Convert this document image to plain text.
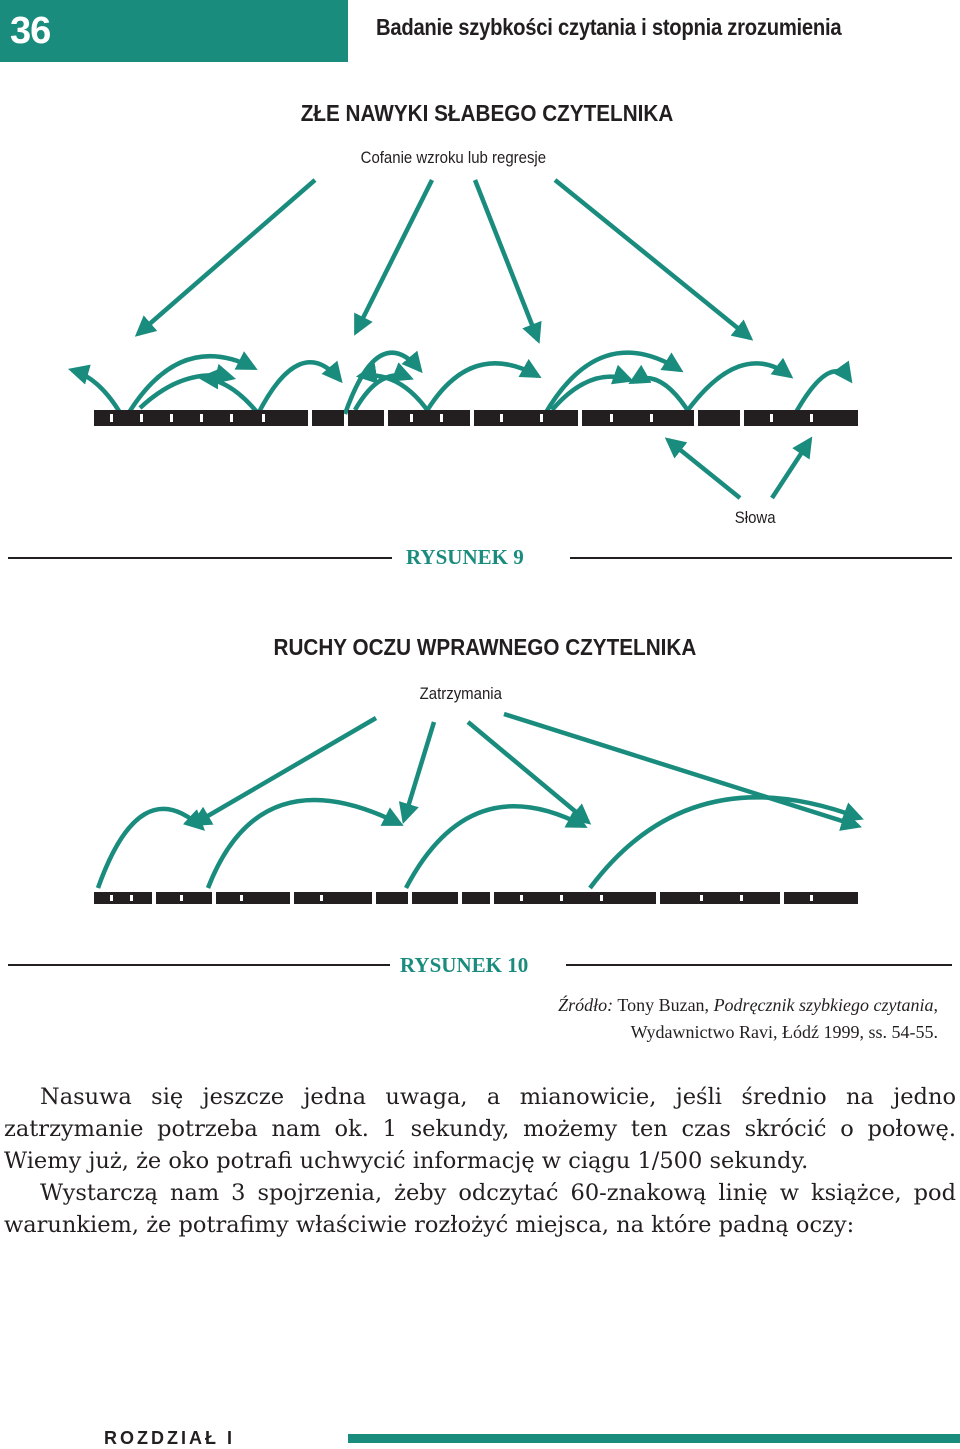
36	Badanie szybkości czytania i stopnia zrozumienia
ZŁE NAWYKI SŁABEGO CZYTELNIKA
Cofanie wzroku lub regresje
Słowa
RYSUNEK 9
RUCHY OCZU WPRAWNEGO CZYTELNIKA
Zatrzymania
RYSUNEK 10
Źródło: Tony Buzan, Podręcznik szybkiego czytania,
Wydawnictwo Ravi, Łódź 1999, ss. 54-55.

Nasuwa się jeszcze jedna uwaga, a mianowicie, jeśli średnio na jedno zatrzymanie potrzeba nam ok. 1 sekundy, możemy ten czas skrócić o połowę. Wiemy już, że oko potrafi uchwycić informację w ciągu 1/500 sekundy.

Wystarczą nam 3 spojrzenia, żeby odczytać 60-znakową linię w książce, pod warunkiem, że potrafimy właściwie rozłożyć miejsca, na które padną oczy:

ROZDZIAŁ I
